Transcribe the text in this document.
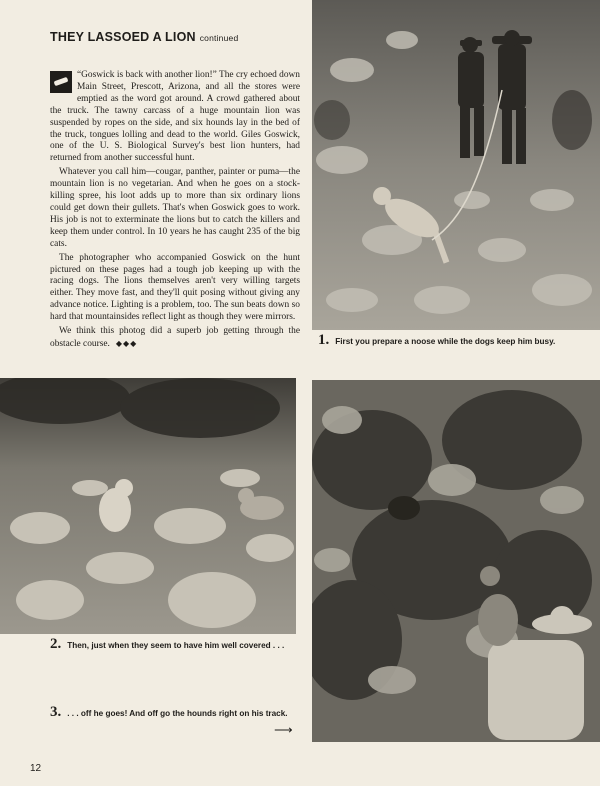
THEY LASSOED A LION continued

“Goswick is back with another lion!” The cry echoed down Main Street, Prescott, Arizona, and all the stores were emptied as the word got around. A crowd gathered about the truck. The tawny carcass of a huge mountain lion was suspended by ropes on the side, and six hounds lay in the bed of the truck, tongues lolling and dead to the world. Giles Goswick, one of the U. S. Biological Survey's best lion hunters, had returned from another successful hunt.

Whatever you call him—cougar, panther, painter or puma—the mountain lion is no vegetarian. And when he goes on a stock-killing spree, his loot adds up to more than six ordinary lions could get down their gullets. That's when Goswick goes to work. His job is not to exterminate the lions but to catch the killers and keep them under control. In 10 years he has caught 235 of the big cats.

The photographer who accompanied Goswick on the hunt pictured on these pages had a tough job keeping up with the racing dogs. The lions themselves aren't very willing targets either. They move fast, and they'll quit posing without giving any advance notice. Lighting is a problem, too. The sun beats down so hard that mountainsides reflect light as though they were mirrors.

We think this photog did a superb job getting through the obstacle course. ◆◆◆	1. First you prepare a noose while the dogs keep him busy.
2. Then, just when they seem to have him well covered . . .
3. . . . off he goes! And off go the hounds right on his track.
⟶
12
